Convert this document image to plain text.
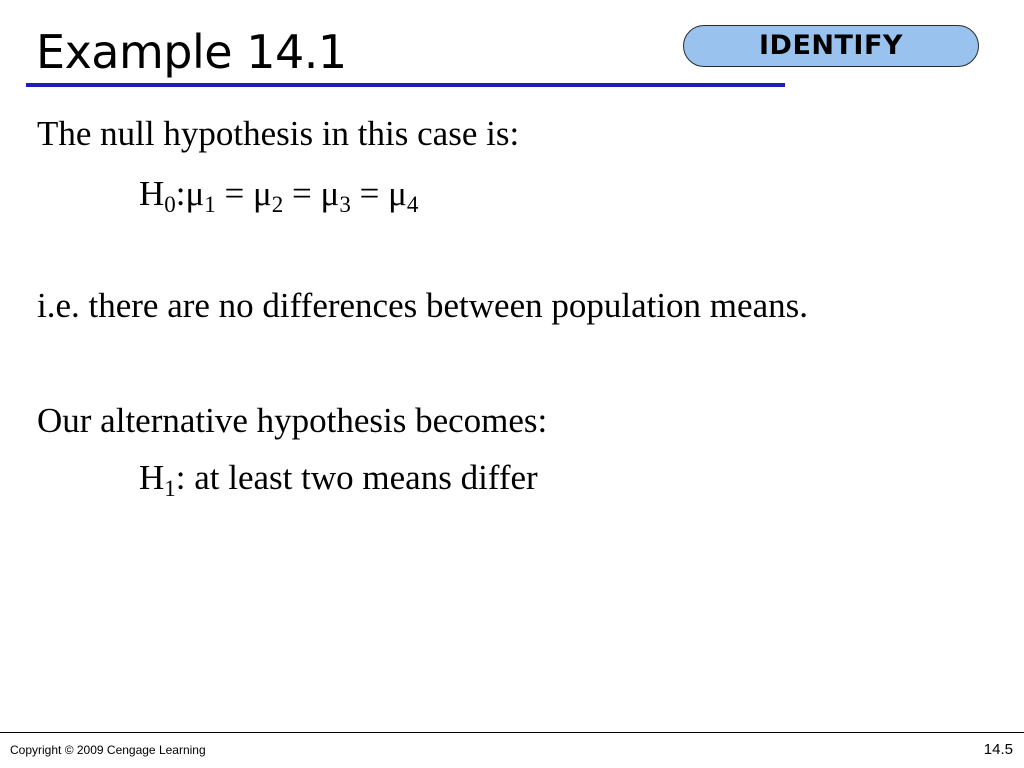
Example 14.1	IDENTIFY
The null hypothesis in this case is:
$H_0:\mu_1 = \mu_2 = \mu_3 = \mu_4$
i.e. there are no differences between population means.
Our alternative hypothesis becomes:
$H_1$: at least two means differ
Copyright © 2009 Cengage Learning	14.5
